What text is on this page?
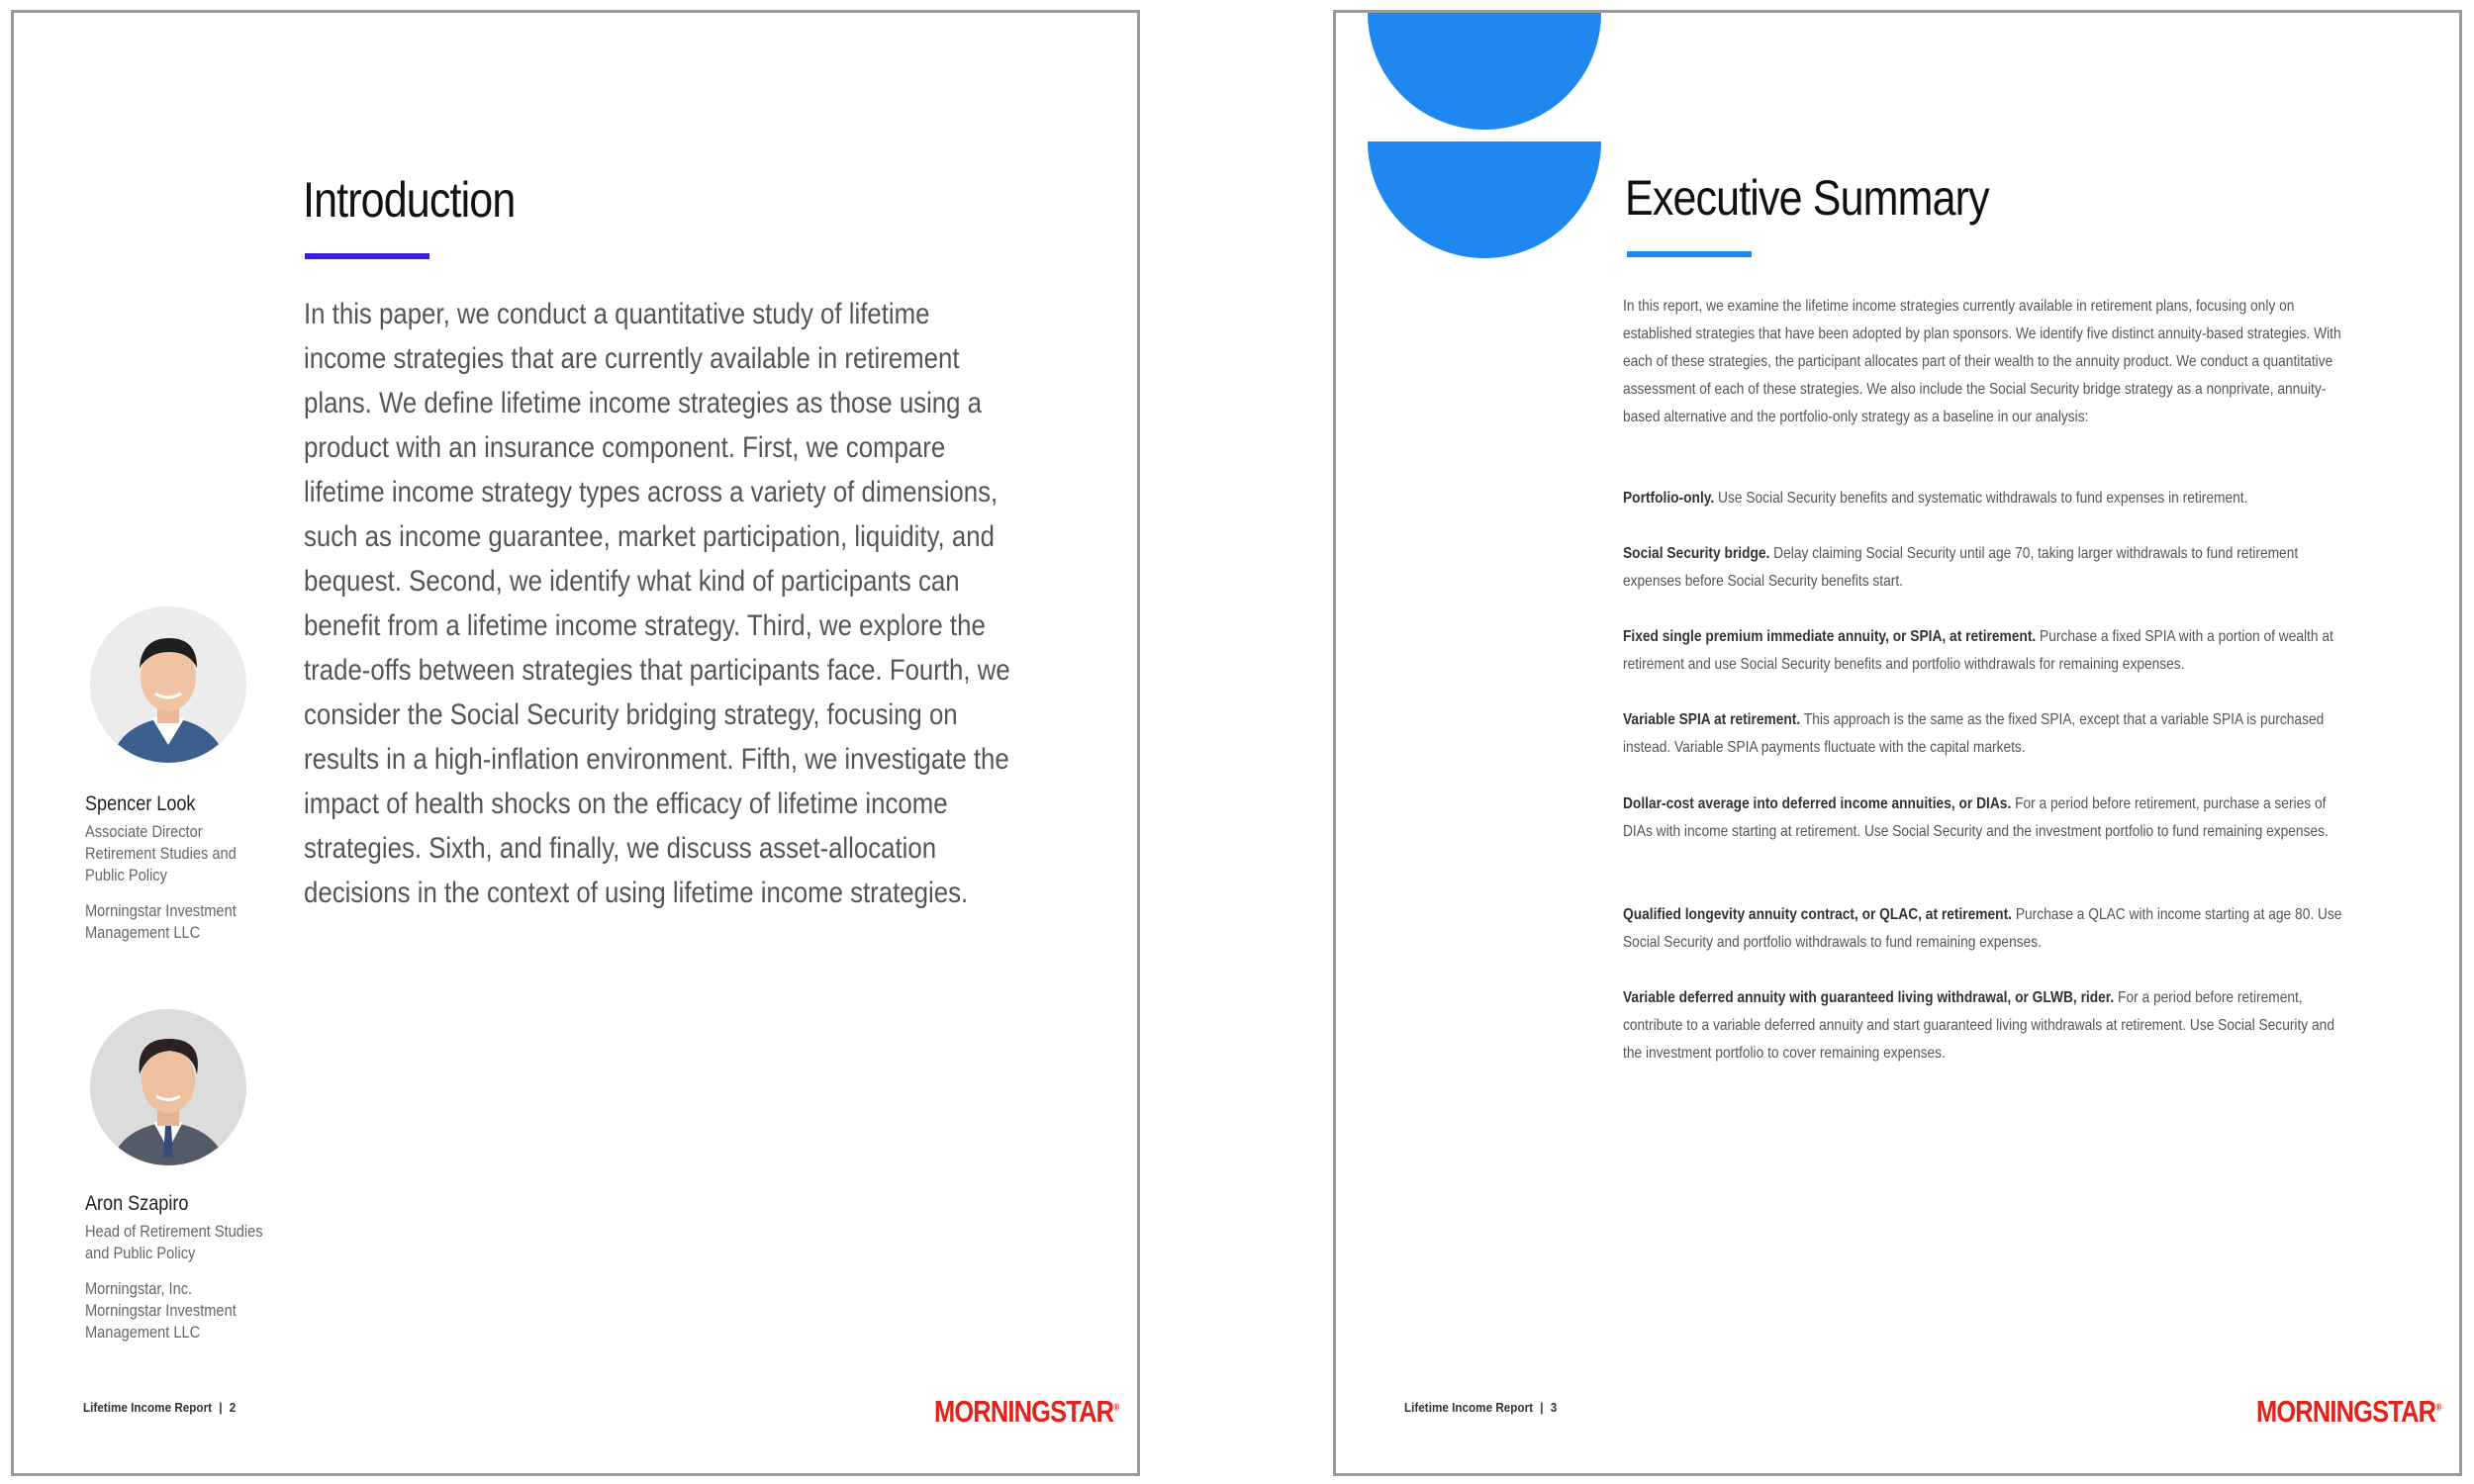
Introduction
In this paper, we conduct a quantitative study of lifetime income strategies that are currently available in retirement plans. We define lifetime income strategies as those using a product with an insurance component. First, we compare lifetime income strategy types across a variety of dimensions, such as income guarantee, market participation, liquidity, and bequest. Second, we identify what kind of participants can benefit from a lifetime income strategy. Third, we explore the trade-offs between strategies that participants face. Fourth, we consider the Social Security bridging strategy, focusing on results in a high-inflation environment. Fifth, we investigate the impact of health shocks on the efficacy of lifetime income strategies. Sixth, and finally, we discuss asset-allocation decisions in the context of using lifetime income strategies.
Spencer Look
Associate Director
Retirement Studies and
Public Policy
Morningstar Investment
Management LLC
Aron Szapiro
Head of Retirement Studies
and Public Policy
Morningstar, Inc.
Morningstar Investment
Management LLC
Lifetime Income Report | 2	MORNINGSTAR®
Executive Summary
In this report, we examine the lifetime income strategies currently available in retirement plans, focusing only on established strategies that have been adopted by plan sponsors. We identify five distinct annuity-based strategies. With each of these strategies, the participant allocates part of their wealth to the annuity product. We conduct a quantitative assessment of each of these strategies. We also include the Social Security bridge strategy as a nonprivate, annuity-based alternative and the portfolio-only strategy as a baseline in our analysis:
Portfolio-only. Use Social Security benefits and systematic withdrawals to fund expenses in retirement.
Social Security bridge. Delay claiming Social Security until age 70, taking larger withdrawals to fund retirement expenses before Social Security benefits start.
Fixed single premium immediate annuity, or SPIA, at retirement. Purchase a fixed SPIA with a portion of wealth at retirement and use Social Security benefits and portfolio withdrawals for remaining expenses.
Variable SPIA at retirement. This approach is the same as the fixed SPIA, except that a variable SPIA is purchased instead. Variable SPIA payments fluctuate with the capital markets.
Dollar-cost average into deferred income annuities, or DIAs. For a period before retirement, purchase a series of DIAs with income starting at retirement. Use Social Security and the investment portfolio to fund remaining expenses.
Qualified longevity annuity contract, or QLAC, at retirement. Purchase a QLAC with income starting at age 80. Use Social Security and portfolio withdrawals to fund remaining expenses.
Variable deferred annuity with guaranteed living withdrawal, or GLWB, rider. For a period before retirement, contribute to a variable deferred annuity and start guaranteed living withdrawals at retirement. Use Social Security and the investment portfolio to cover remaining expenses.
Lifetime Income Report | 3	MORNINGSTAR®
